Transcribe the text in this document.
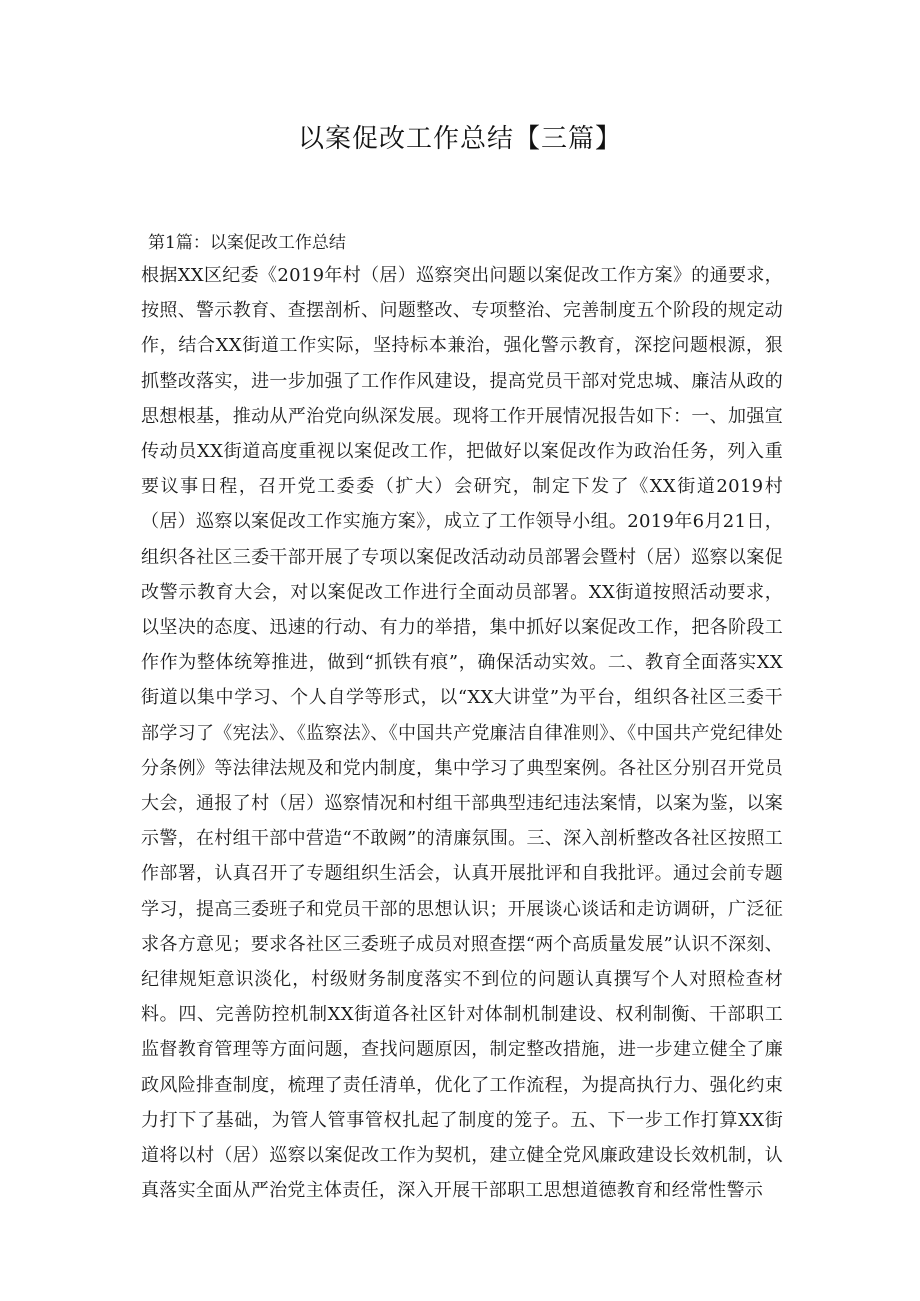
以案促改工作总结【三篇】
第1篇：以案促改工作总结

根据XX区纪委《2019年村（居）巡察突出问题以案促改工作方案》的通要求，按照、警示教育、查摆剖析、问题整改、专项整治、完善制度五个阶段的规定动作，结合XX街道工作实际，坚持标本兼治，强化警示教育，深挖问题根源，狠抓整改落实，进一步加强了工作作风建设，提高党员干部对党忠城、廉洁从政的思想根基，推动从严治党向纵深发展。现将工作开展情况报告如下：一、加强宣传动员XX街道高度重视以案促改工作，把做好以案促改作为政治任务，列入重要议事日程，召开党工委委（扩大）会研究，制定下发了《XX街道2019村（居）巡察以案促改工作实施方案》，成立了工作领导小组。2019年6月21日，组织各社区三委干部开展了专项以案促改活动动员部署会暨村（居）巡察以案促改警示教育大会，对以案促改工作进行全面动员部署。XX街道按照活动要求，以坚决的态度、迅速的行动、有力的举措，集中抓好以案促改工作，把各阶段工作作为整体统筹推进，做到“抓铁有痕”，确保活动实效。二、教育全面落实XX街道以集中学习、个人自学等形式，以“XX大讲堂”为平台，组织各社区三委干部学习了《宪法》、《监察法》、《中国共产党廉洁自律准则》、《中国共产党纪律处分条例》等法律法规及和党内制度，集中学习了典型案例。各社区分别召开党员大会，通报了村（居）巡察情况和村组干部典型违纪违法案情，以案为鉴，以案示警，在村组干部中营造“不敢阙”的清廉氛围。三、深入剖析整改各社区按照工作部署，认真召开了专题组织生活会，认真开展批评和自我批评。通过会前专题学习，提高三委班子和党员干部的思想认识；开展谈心谈话和走访调研，广泛征求各方意见；要求各社区三委班子成员对照查摆“两个高质量发展”认识不深刻、纪律规矩意识淡化，村级财务制度落实不到位的问题认真撰写个人对照检查材料。四、完善防控机制XX街道各社区针对体制机制建设、权利制衡、干部职工监督教育管理等方面问题，查找问题原因，制定整改措施，进一步建立健全了廉政风险排查制度，梳理了责任清单，优化了工作流程，为提高执行力、强化约束力打下了基础，为管人管事管权扎起了制度的笼子。五、下一步工作打算XX街道将以村（居）巡察以案促改工作为契机，建立健全党风廉政建设长效机制，认真落实全面从严治党主体责任，深入开展干部职工思想道德教育和经常性警示
